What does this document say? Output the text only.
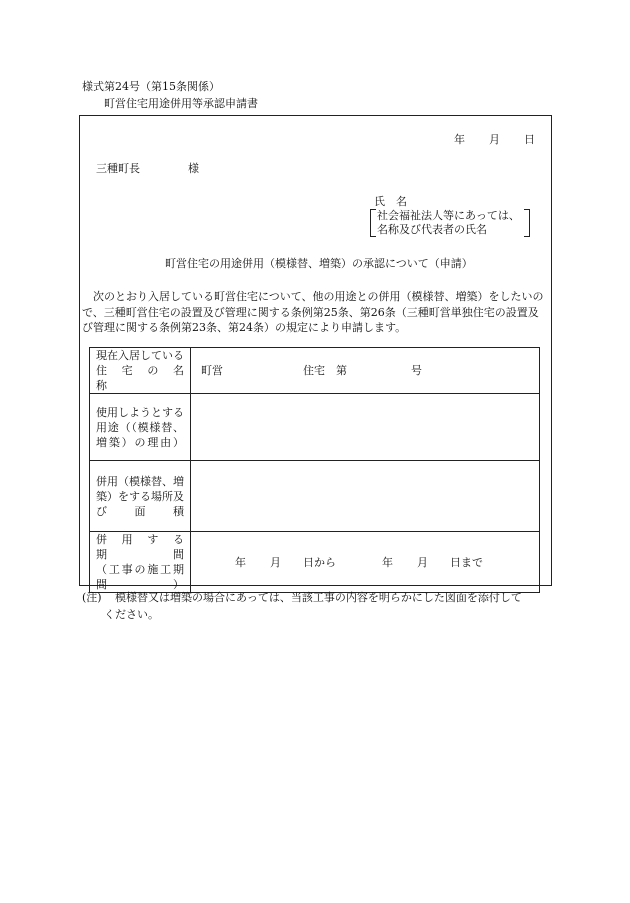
様式第24号（第15条関係）
町営住宅用途併用等承認申請書
年 月 日
三種町長	様
氏　名
社会福祉法人等にあっては、
名称及び代表者の氏名
町営住宅の用途併用（模様替、増築）の承認について（申請）
次のとおり入居している町営住宅について、他の用途との併用（模様替、増築）をしたいので、三種町営住宅の設置及び管理に関する条例第25条、第26条（三種町営単独住宅の設置及び管理に関する条例第23条、第24条）の規定により申請します。
現在入居している
住　宅　の　名　称	町営 住宅　第 号

使用しようとする
用途（（模様替、
増築）の理由）	

併用（模様替、増
築）をする場所及
び　　面　　積	

併　用　す　る　期　間
（工事の施工期間）	年 月 日から 年 月 日まで
(注) 模様替又は増築の場合にあっては、当該工事の内容を明らかにした図面を添付して
ください。
